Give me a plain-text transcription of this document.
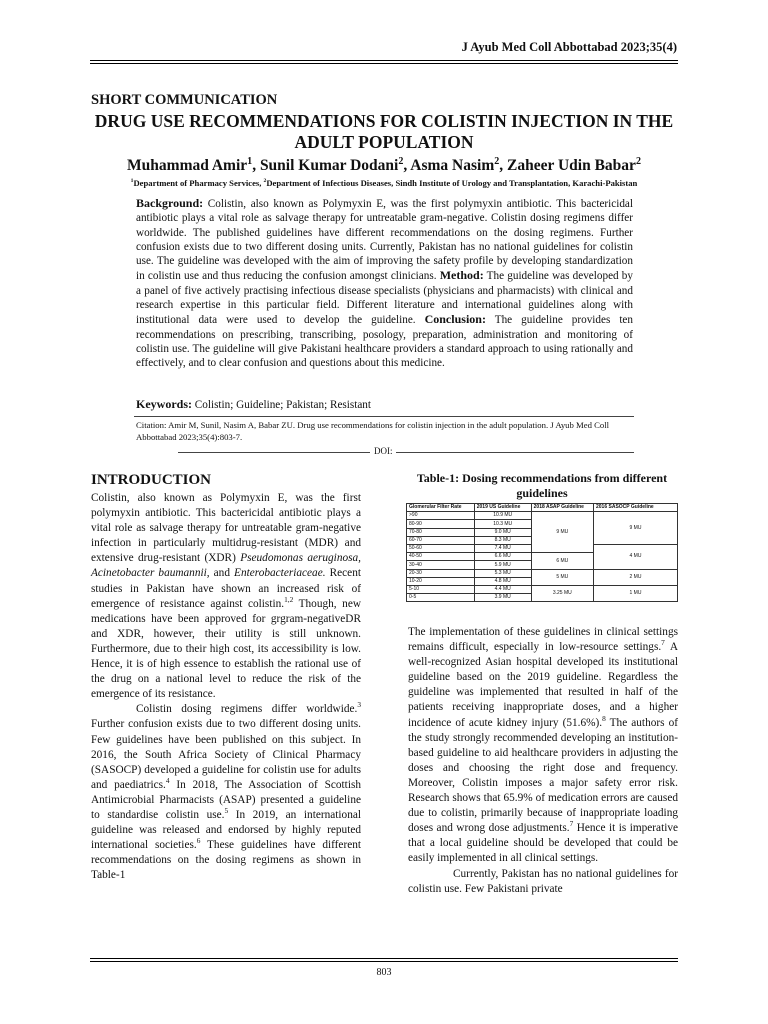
J Ayub Med Coll Abbottabad 2023;35(4)
SHORT COMMUNICATION
DRUG USE RECOMMENDATIONS FOR COLISTIN INJECTION IN THE ADULT POPULATION
Muhammad Amir$^1$, Sunil Kumar Dodani$^2$, Asma Nasim$^2$, Zaheer Udin Babar$^2$
$^1$Department of Pharmacy Services, $^2$Department of Infectious Diseases, Sindh Institute of Urology and Transplantation, Karachi-Pakistan
Background: Colistin, also known as Polymyxin E, was the first polymyxin antibiotic. This bactericidal antibiotic plays a vital role as salvage therapy for untreatable gram-negative. Colistin dosing regimens differ worldwide. The published guidelines have different recommendations on the dosing regimens. Further confusion exists due to two different dosing units. Currently, Pakistan has no national guidelines for colistin use. The guideline was developed with the aim of improving the safety profile by developing standardization in colistin use and thus reducing the confusion amongst clinicians. Method: The guideline was developed by a panel of five actively practising infectious disease specialists (physicians and pharmacists) with clinical and research expertise in this particular field. Different literature and international guidelines along with institutional data were used to develop the guideline. Conclusion: The guideline provides ten recommendations on prescribing, transcribing, posology, preparation, administration and monitoring of colistin use. The guideline will give Pakistani healthcare providers a standard approach to using rationally and effectively, and to clear confusion and questions about this medicine.
Keywords: Colistin; Guideline; Pakistan; Resistant
Citation: Amir M, Sunil, Nasim A, Babar ZU. Drug use recommendations for colistin injection in the adult population. J Ayub Med Coll Abbottabad 2023;35(4):803-7.
DOI:
INTRODUCTION

Colistin, also known as Polymyxin E, was the first polymyxin antibiotic. This bactericidal antibiotic plays a vital role as salvage therapy for untreatable gram-negative infection in particularly multidrug-resistant (MDR) and extensive drug-resistant (XDR) Pseudomonas aeruginosa, Acinetobacter baumannii, and Enterobacteriaceae. Recent studies in Pakistan have shown an increased risk of emergence of resistance against colistin.$^{1,2}$ Though, new medications have been approved for grgram-negativeDR and XDR, however, their utility is still unknown. Furthermore, due to their high cost, its accessibility is low. Hence, it is of high essence to establish the rational use of the drug on a national level to reduce the risk of the emergence of its resistance.

Colistin dosing regimens differ worldwide.$^3$ Further confusion exists due to two different dosing units. Few guidelines have been published on this subject. In 2016, the South Africa Society of Clinical Pharmacy (SASOCP) developed a guideline for colistin use for adults and paediatrics.$^4$ In 2018, The Association of Scottish Antimicrobial Pharmacists (ASAP) presented a guideline to standardise colistin use.$^5$ In 2019, an international guideline was released and endorsed by highly reputed international societies.$^6$ These guidelines have different recommendations on the dosing regimens as shown in Table-1

Table-1: Dosing recommendations from different guidelines
Glomerular Filter Rate	2019 US Guideline	2018 ASAP Guideline	2016 SASOCP Guideline
>90	10.9 MU	9 MU	9 MU
80-90	10.3 MU		
70-80	9.0 MU		
60-70	8.3 MU		
50-60	7.4 MU		4 MU
40-50	6.6 MU	6 MU	
30-40	5.9 MU		
20-30	5.3 MU	5 MU	2 MU
10-20	4.8 MU		
5-10	4.4 MU	3.25 MU	1 MU
0-5	3.9 MU		

The implementation of these guidelines in clinical settings remains difficult, especially in low-resource settings.$^7$ A well-recognized Asian hospital developed its institutional guideline based on the 2019 guideline. Regardless the guideline was implemented that resulted in half of the patients receiving inappropriate doses, and a higher incidence of acute kidney injury (51.6%).$^8$ The authors of the study strongly recommended developing an institution-based guideline to aid healthcare providers in adjusting the doses and choosing the right dose and frequency. Moreover, Colistin imposes a major safety error risk. Research shows that 65.9% of medication errors are caused due to colistin, primarily because of inappropriate loading doses and wrong dose adjustments.$^7$ Hence it is imperative that a local guideline should be developed that could be easily implemented in all clinical settings.

Currently, Pakistan has no national guidelines for colistin use. Few Pakistani private

803
